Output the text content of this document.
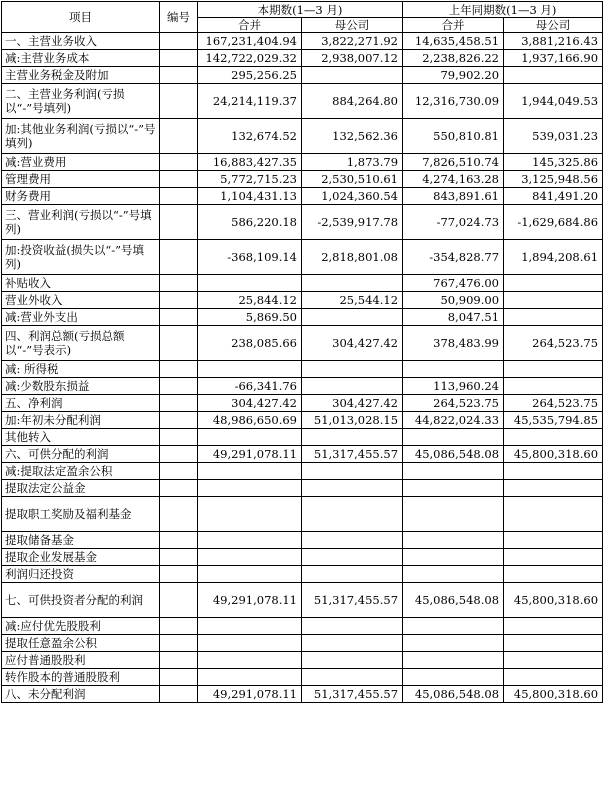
项目	编号	本期数(1—3 月)		上年同期数(1—3 月)	
		合并	母公司	合并	母公司
一、主营业务收入		167,231,404.94	3,822,271.92	14,635,458.51	3,881,216.43
减:主营业务成本		142,722,029.32	2,938,007.12	2,238,826.22	1,937,166.90
主营业务税金及附加		295,256.25		79,902.20	
二、主营业务利润(亏损以“-”号填列)		24,214,119.37	884,264.80	12,316,730.09	1,944,049.53
加:其他业务利润(亏损以“-”号填列)		132,674.52	132,562.36	550,810.81	539,031.23
减:营业费用		16,883,427.35	1,873.79	7,826,510.74	145,325.86
管理费用		5,772,715.23	2,530,510.61	4,274,163.28	3,125,948.56
财务费用		1,104,431.13	1,024,360.54	843,891.61	841,491.20
三、营业利润(亏损以“-”号填列)		586,220.18	-2,539,917.78	-77,024.73	-1,629,684.86
加:投资收益(损失以“-”号填列)		-368,109.14	2,818,801.08	-354,828.77	1,894,208.61
补贴收入				767,476.00	
营业外收入		25,844.12	25,544.12	50,909.00	
减:营业外支出		5,869.50		8,047.51	
四、利润总额(亏损总额以“-”号表示)		238,085.66	304,427.42	378,483.99	264,523.75
减: 所得税					
减:少数股东损益		-66,341.76		113,960.24	
五、净利润		304,427.42	304,427.42	264,523.75	264,523.75
加:年初未分配利润		48,986,650.69	51,013,028.15	44,822,024.33	45,535,794.85
其他转入					
六、可供分配的利润		49,291,078.11	51,317,455.57	45,086,548.08	45,800,318.60
减:提取法定盈余公积					
提取法定公益金					
提取职工奖励及福利基金					
提取储备基金					
提取企业发展基金					
利润归还投资					
七、可供投资者分配的利润		49,291,078.11	51,317,455.57	45,086,548.08	45,800,318.60
减:应付优先股股利					
提取任意盈余公积					
应付普通股股利					
转作股本的普通股股利					
八、未分配利润		49,291,078.11	51,317,455.57	45,086,548.08	45,800,318.60
